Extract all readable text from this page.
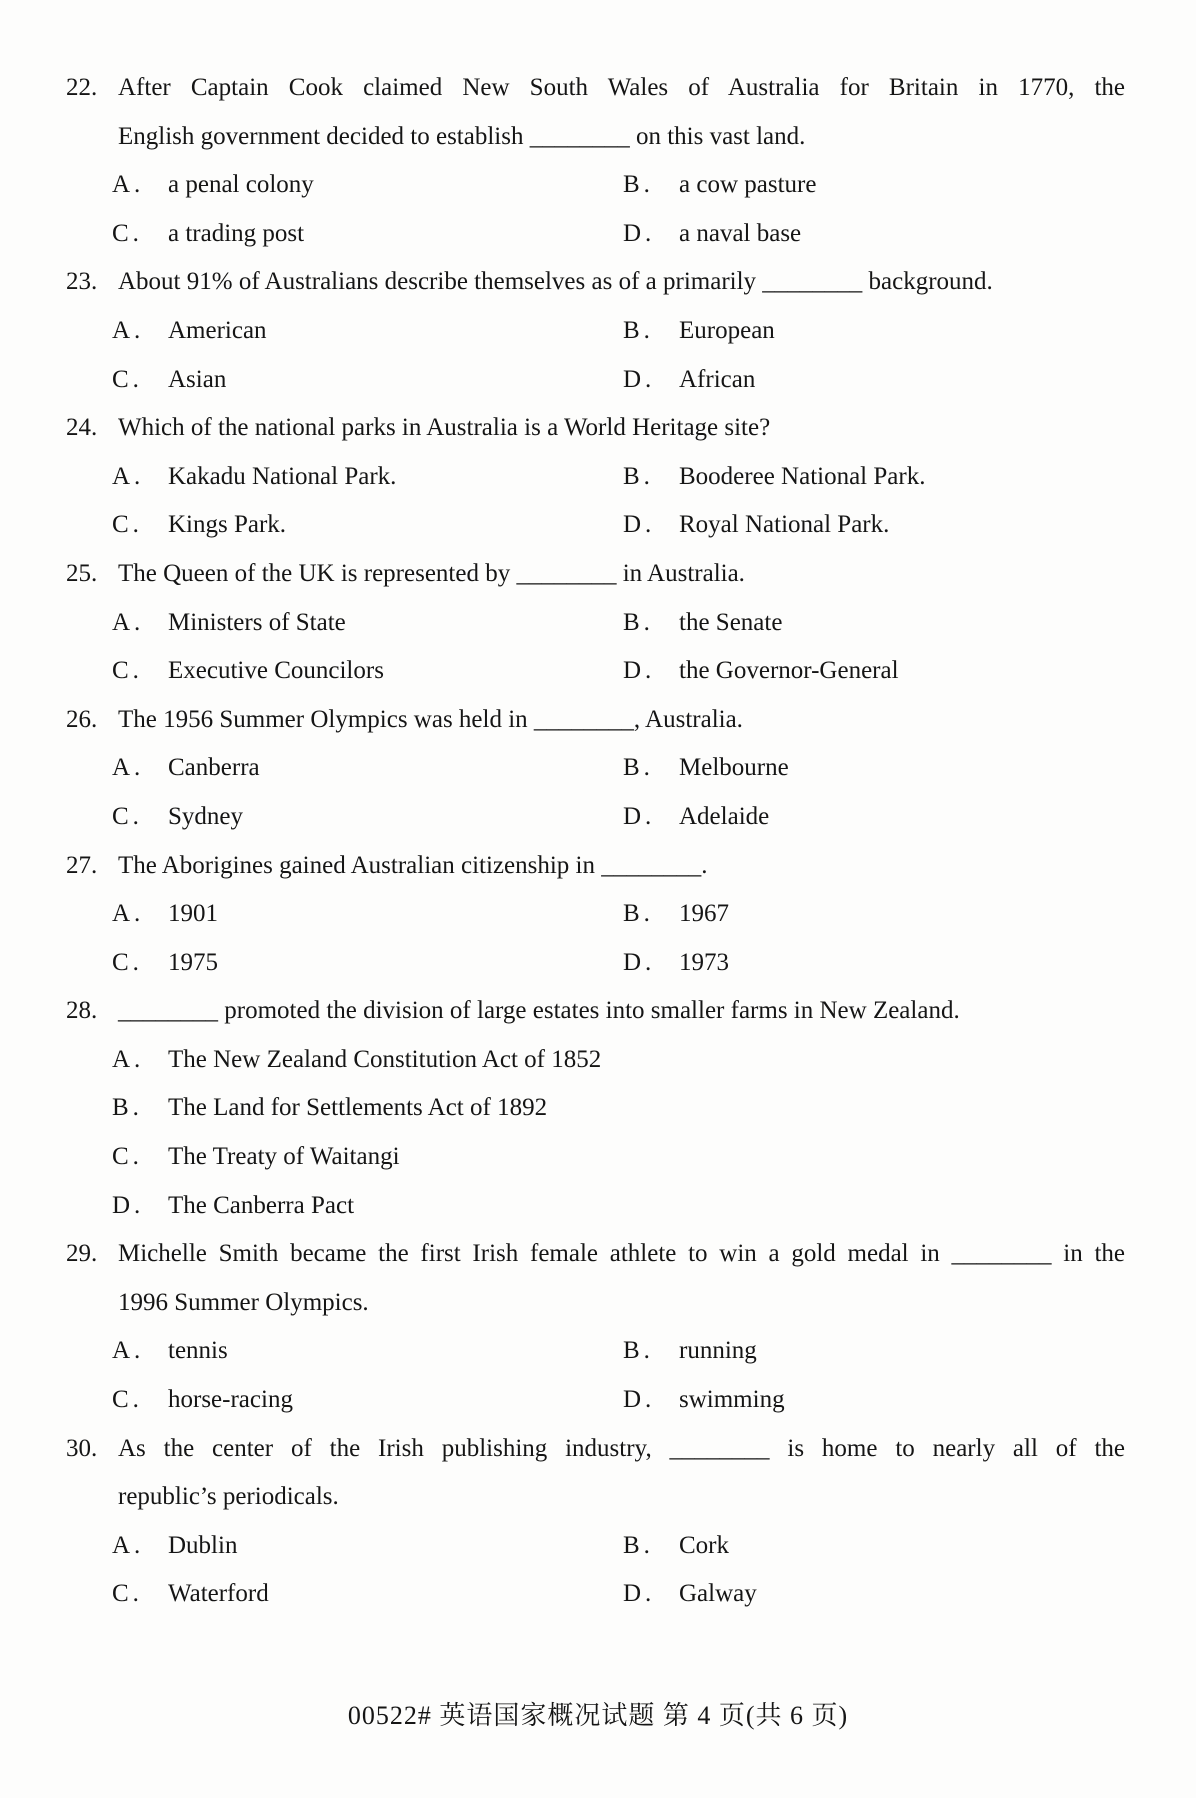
22. After Captain Cook claimed New South Wales of Australia for Britain in 1770, the
English government decided to establish ________ on this vast land.
A. a penal colony	B. a cow pasture
C. a trading post	D. a naval base
23. About 91% of Australians describe themselves as of a primarily ________ background.
A. American	B. European
C. Asian	D. African
24. Which of the national parks in Australia is a World Heritage site?
A. Kakadu National Park.	B. Booderee National Park.
C. Kings Park.	D. Royal National Park.
25. The Queen of the UK is represented by ________ in Australia.
A. Ministers of State	B. the Senate
C. Executive Councilors	D. the Governor-General
26. The 1956 Summer Olympics was held in ________, Australia.
A. Canberra	B. Melbourne
C. Sydney	D. Adelaide
27. The Aborigines gained Australian citizenship in ________.
A. 1901	B. 1967
C. 1975	D. 1973
28. ________ promoted the division of large estates into smaller farms in New Zealand.
A. The New Zealand Constitution Act of 1852
B. The Land for Settlements Act of 1892
C. The Treaty of Waitangi
D. The Canberra Pact
29. Michelle Smith became the first Irish female athlete to win a gold medal in ________ in the
1996 Summer Olympics.
A. tennis	B. running
C. horse-racing	D. swimming
30. As the center of the Irish publishing industry, ________ is home to nearly all of the
republic’s periodicals.
A. Dublin	B. Cork
C. Waterford	D. Galway
00522# 英语国家概况试题 第 4 页(共 6 页)
